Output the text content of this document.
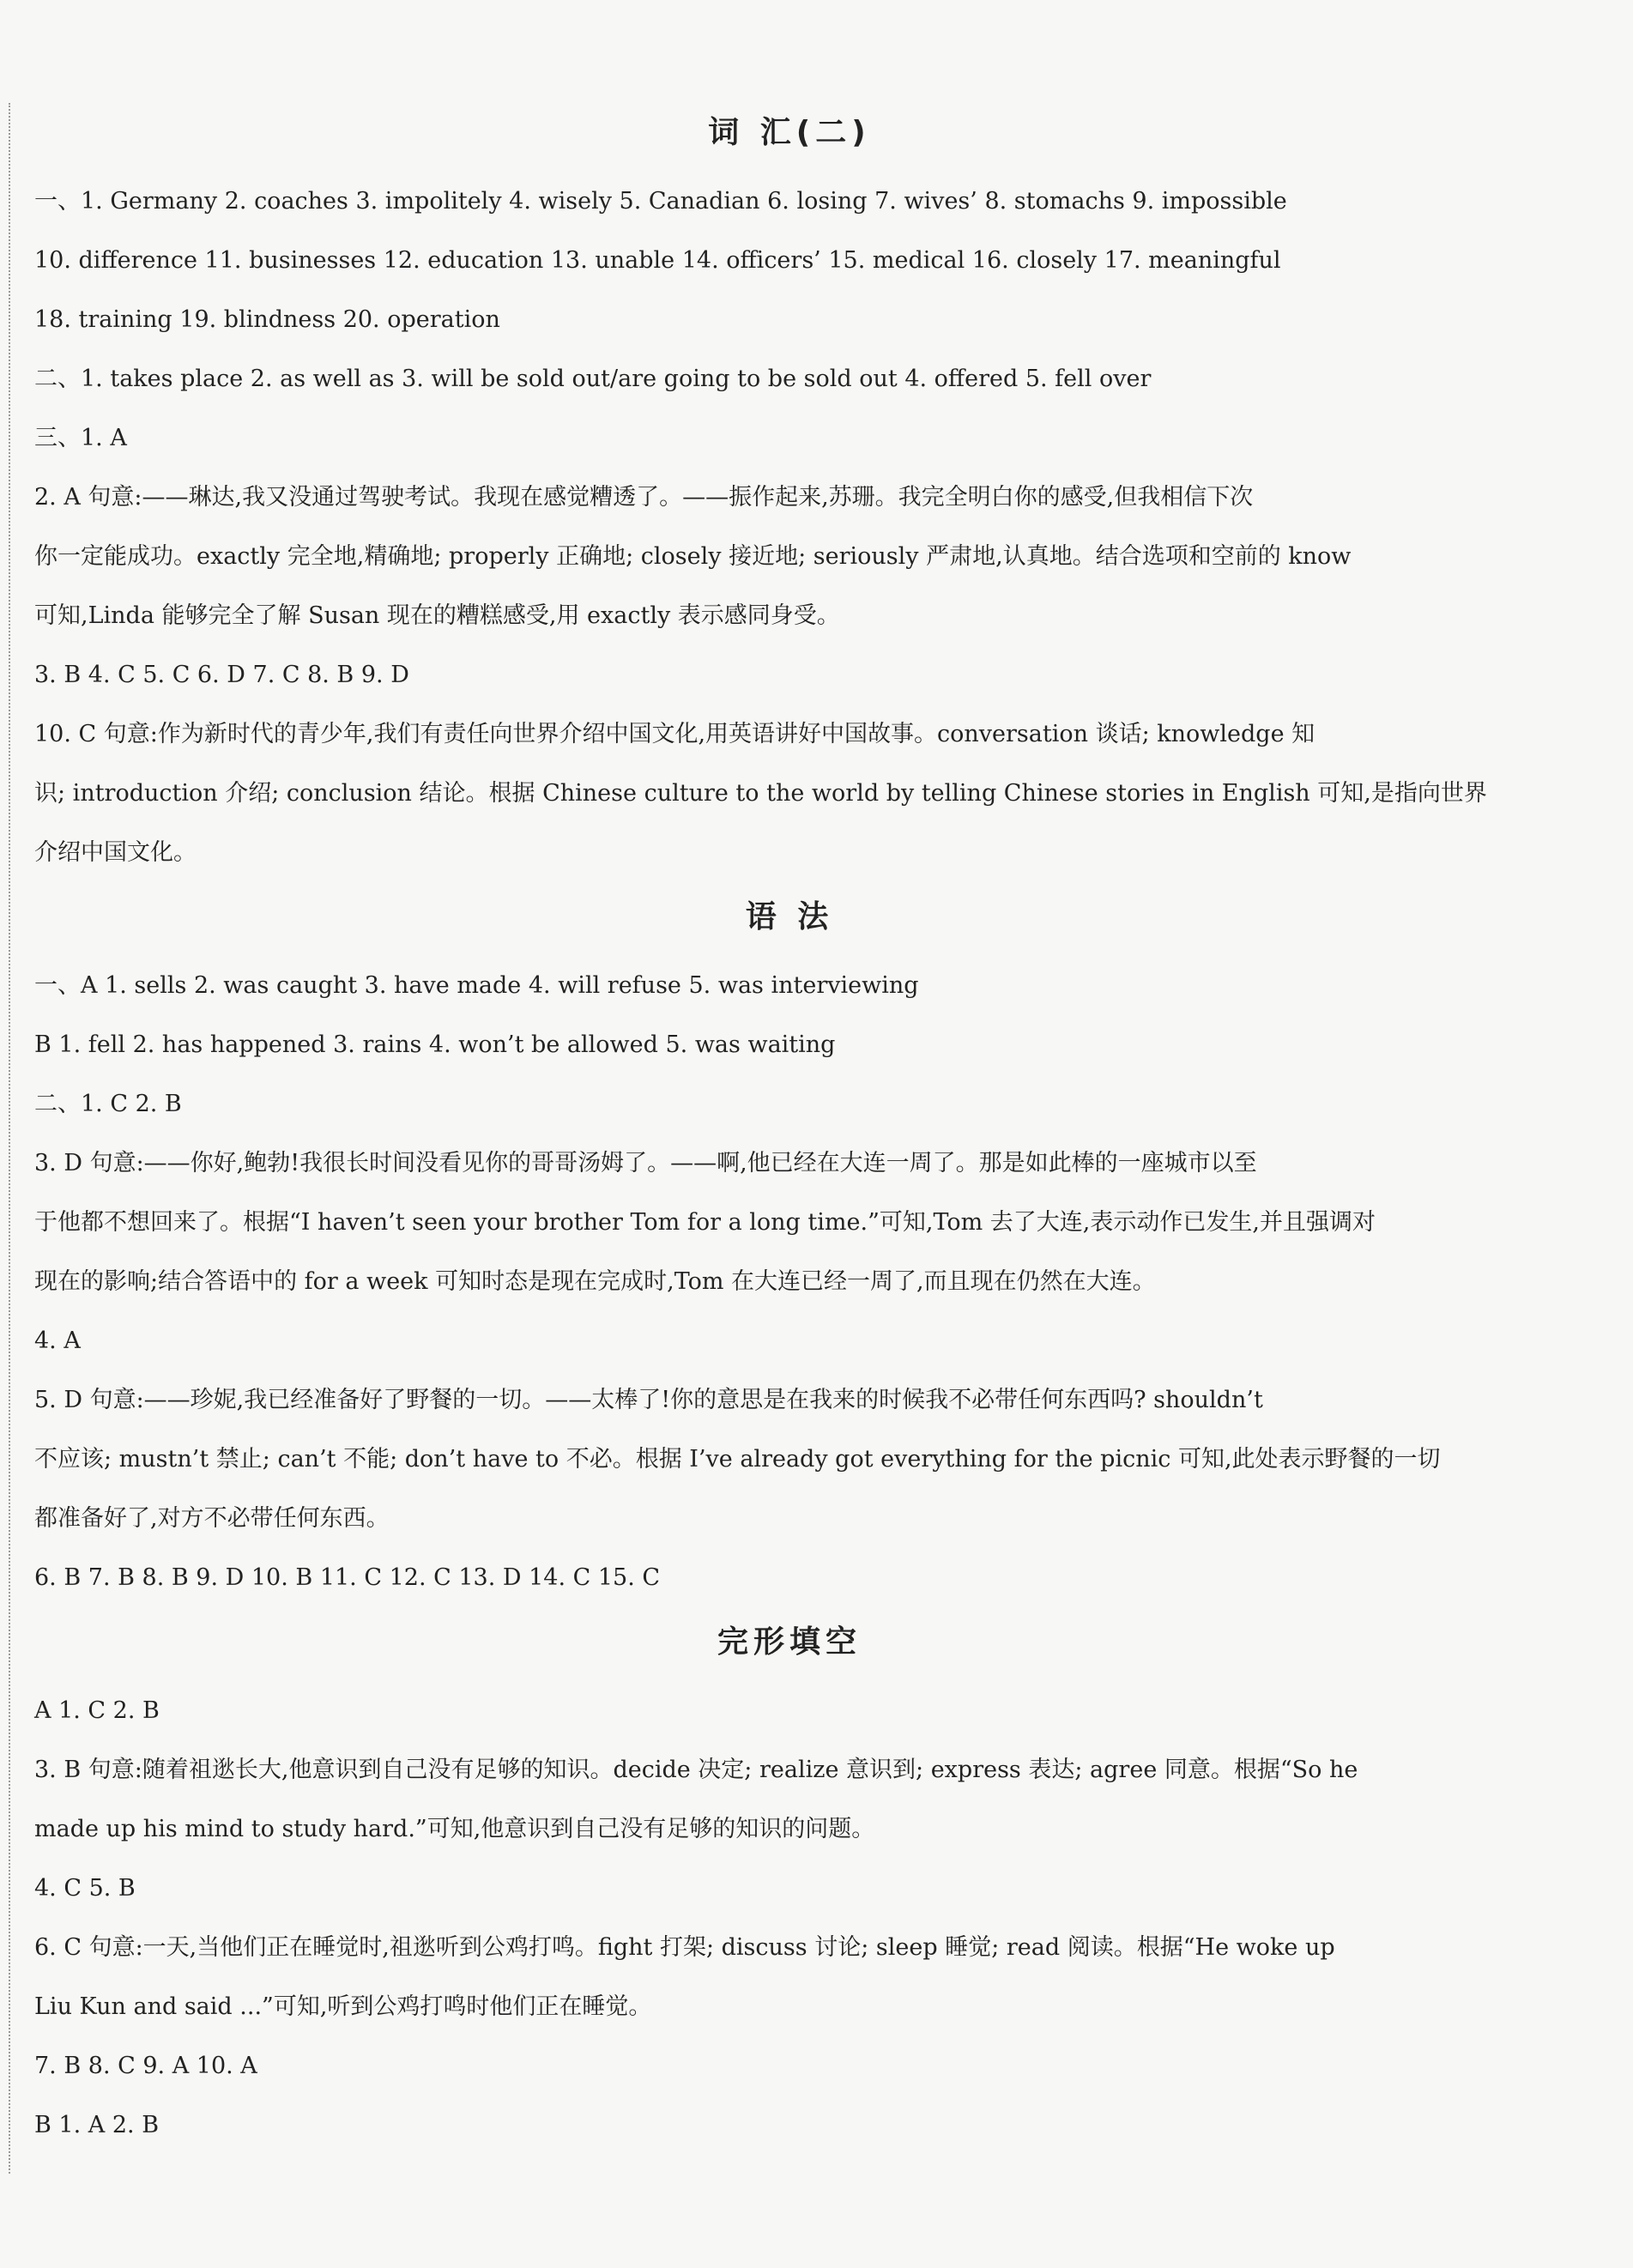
词 汇(二)
一、1. Germany 2. coaches 3. impolitely 4. wisely 5. Canadian 6. losing 7. wives’ 8. stomachs 9. impossible
10. difference 11. businesses 12. education 13. unable 14. officers’ 15. medical 16. closely 17. meaningful
18. training 19. blindness 20. operation
二、1. takes place 2. as well as 3. will be sold out/are going to be sold out 4. offered 5. fell over
三、1. A
2. A 句意:——琳达,我又没通过驾驶考试。我现在感觉糟透了。——振作起来,苏珊。我完全明白你的感受,但我相信下次
你一定能成功。exactly 完全地,精确地; properly 正确地; closely 接近地; seriously 严肃地,认真地。结合选项和空前的 know
可知,Linda 能够完全了解 Susan 现在的糟糕感受,用 exactly 表示感同身受。
3. B 4. C 5. C 6. D 7. C 8. B 9. D
10. C 句意:作为新时代的青少年,我们有责任向世界介绍中国文化,用英语讲好中国故事。conversation 谈话; knowledge 知
识; introduction 介绍; conclusion 结论。根据 Chinese culture to the world by telling Chinese stories in English 可知,是指向世界
介绍中国文化。
语 法
一、A 1. sells 2. was caught 3. have made 4. will refuse 5. was interviewing
B 1. fell 2. has happened 3. rains 4. won’t be allowed 5. was waiting
二、1. C 2. B
3. D 句意:——你好,鲍勃!我很长时间没看见你的哥哥汤姆了。——啊,他已经在大连一周了。那是如此棒的一座城市以至
于他都不想回来了。根据“I haven’t seen your brother Tom for a long time.”可知,Tom 去了大连,表示动作已发生,并且强调对
现在的影响;结合答语中的 for a week 可知时态是现在完成时,Tom 在大连已经一周了,而且现在仍然在大连。
4. A
5. D 句意:——珍妮,我已经准备好了野餐的一切。——太棒了!你的意思是在我来的时候我不必带任何东西吗? shouldn’t
不应该; mustn’t 禁止; can’t 不能; don’t have to 不必。根据 I’ve already got everything for the picnic 可知,此处表示野餐的一切
都准备好了,对方不必带任何东西。
6. B 7. B 8. B 9. D 10. B 11. C 12. C 13. D 14. C 15. C
完形填空
A 1. C 2. B
3. B 句意:随着祖逖长大,他意识到自己没有足够的知识。decide 决定; realize 意识到; express 表达; agree 同意。根据“So he
made up his mind to study hard.”可知,他意识到自己没有足够的知识的问题。
4. C 5. B
6. C 句意:一天,当他们正在睡觉时,祖逖听到公鸡打鸣。fight 打架; discuss 讨论; sleep 睡觉; read 阅读。根据“He woke up
Liu Kun and said ...”可知,听到公鸡打鸣时他们正在睡觉。
7. B 8. C 9. A 10. A
B 1. A 2. B
